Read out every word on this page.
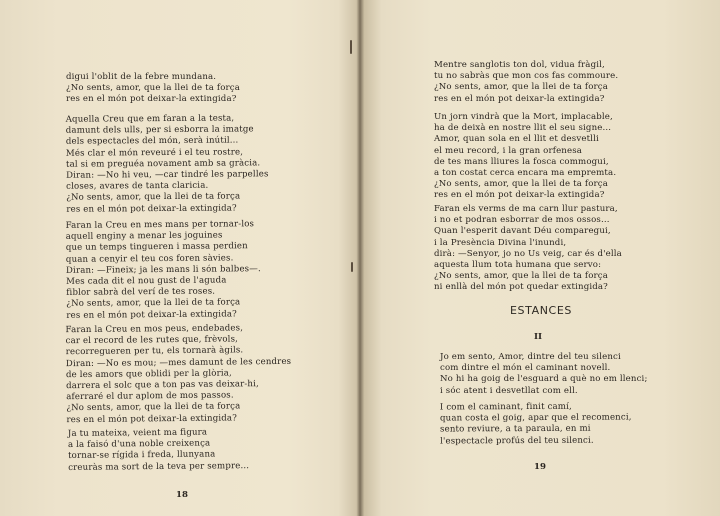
digui l'oblit de la febre mundana.
¿No sents, amor, que la llei de ta força
res en el món pot deixar-la extingida?
Aquella Creu que em faran a la testa,
damunt dels ulls, per si esborra la imatge
dels espectacles del món, serà inútil...
Més clar el món reveuré i el teu rostre,
tal si em preguéa novament amb sa gràcia.
Diran: —No hi veu, —car tindré les parpelles
closes, avares de tanta claricia.
¿No sents, amor, que la llei de ta força
res en el món pot deixar-la extingida?
Faran la Creu en mes mans per tornar-los
aquell enginy a menar les joguines
que un temps tingueren i massa perdien
quan a cenyir el teu cos foren sàvies.
Diran: —Fineix; ja les mans li són balbes—.
Mes cada dit el nou gust de l'aguda
fiblor sabrà del verí de tes roses.
¿No sents, amor, que la llei de ta força
res en el món pot deixar-la extingida?
Faran la Creu en mos peus, endebades,
car el record de les rutes que, frèvols,
recorregueren per tu, els tornarà àgils.
Diran: —No es mou; —mes damunt de les cendres
de les amors que oblidi per la glòria,
darrera el solc que a ton pas vas deixar-hi,
aferraré el dur aplom de mos passos.
¿No sents, amor, que la llei de ta força
res en el món pot deixar-la extingida?
Ja tu mateixa, veient ma figura
a la faisó d'una noble creixença
tornar-se rígida i freda, llunyana
creuràs ma sort de la teva per sempre...
18
Mentre sanglotis ton dol, vidua fràgil,
tu no sabràs que mon cos fas commoure.
¿No sents, amor, que la llei de ta força
res en el món pot deixar-la extingida?
Un jorn vindrà que la Mort, implacable,
ha de deixà en nostre llit el seu signe...
Amor, quan sola en el llit et desvetlli
el meu record, i la gran orfenesa
de tes mans lliures la fosca commogui,
a ton costat cerca encara ma empremta.
¿No sents, amor, que la llei de ta força
res en el món pot deixar-la extingida?
Faran els verms de ma carn llur pastura,
i no et podran esborrar de mos ossos...
Quan l'esperit davant Déu comparegui,
i la Presència Divina l'inundi,
dirà: —Senyor, jo no Us veig, car és d'ella
aquesta llum tota humana que servo:
¿No sents, amor, que la llei de ta força
ni enllà del món pot quedar extingida?
ESTANCES
II
Jo em sento, Amor, dintre del teu silenci
com dintre el món el caminant novell.
No hi ha goig de l'esguard a què no em llenci;
i sóc atent i desvetllat com ell.
I com el caminant, finit camí,
quan costa el goig, apar que el recomenci,
sento reviure, a ta paraula, en mi
l'espectacle profús del teu silenci.
19
